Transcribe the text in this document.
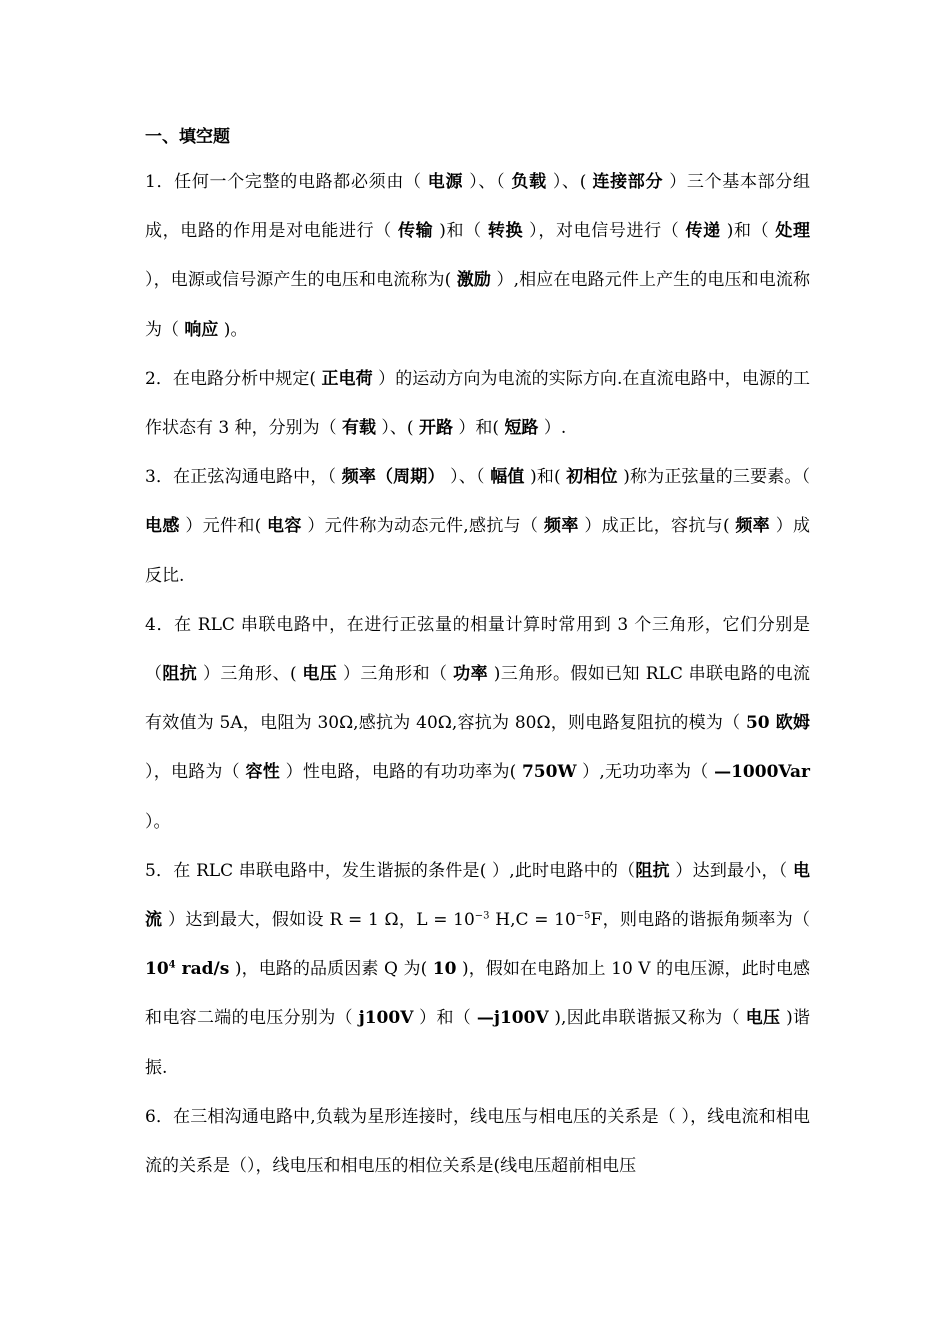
一、填空题

1．任何一个完整的电路都必须由（ 电源 ）、（ 负载 ）、( 连接部分 ）三个基本部分组成，电路的作用是对电能进行（ 传输 )和（ 转换 ），对电信号进行（ 传递 )和（ 处理 ），电源或信号源产生的电压和电流称为( 激励 ）,相应在电路元件上产生的电压和电流称为（ 响应 )。

2．在电路分析中规定( 正电荷 ）的运动方向为电流的实际方向.在直流电路中，电源的工作状态有 3 种，分别为（ 有载 ）、( 开路 ）和( 短路 ）.

3．在正弦沟通电路中，（ 频率（周期） ）、（ 幅值 )和( 初相位 )称为正弦量的三要素。（ 电感 ）元件和( 电容 ）元件称为动态元件,感抗与（ 频率 ）成正比，容抗与( 频率 ）成反比.

4．在 RLC 串联电路中，在进行正弦量的相量计算时常用到 3 个三角形，它们分别是（阻抗 ）三角形、( 电压 ）三角形和（ 功率 )三角形。假如已知 RLC 串联电路的电流有效值为 5A，电阻为 30Ω,感抗为 40Ω,容抗为 80Ω，则电路复阻抗的模为（ 50 欧姆 ），电路为（ 容性 ）性电路，电路的有功功率为( 750W ）,无功功率为（ —1000Var ）。

5．在 RLC 串联电路中，发生谐振的条件是( ）,此时电路中的（阻抗 ）达到最小，（ 电流 ）达到最大，假如设 R = 1 Ω，$L = 10^{-3}$ $H,C = 10^{-5}F$，则电路的谐振角频率为（ $10^4$ rad/s )，电路的品质因素 Q 为( 10 )，假如在电路加上 10 V 的电压源，此时电感和电容二端的电压分别为（ j100V ）和（ —j100V ),因此串联谐振又称为（ 电压 )谐振.

6．在三相沟通电路中,负载为星形连接时，线电压与相电压的关系是（ ），线电流和相电流的关系是（），线电压和相电压的相位关系是(线电压超前相电压
